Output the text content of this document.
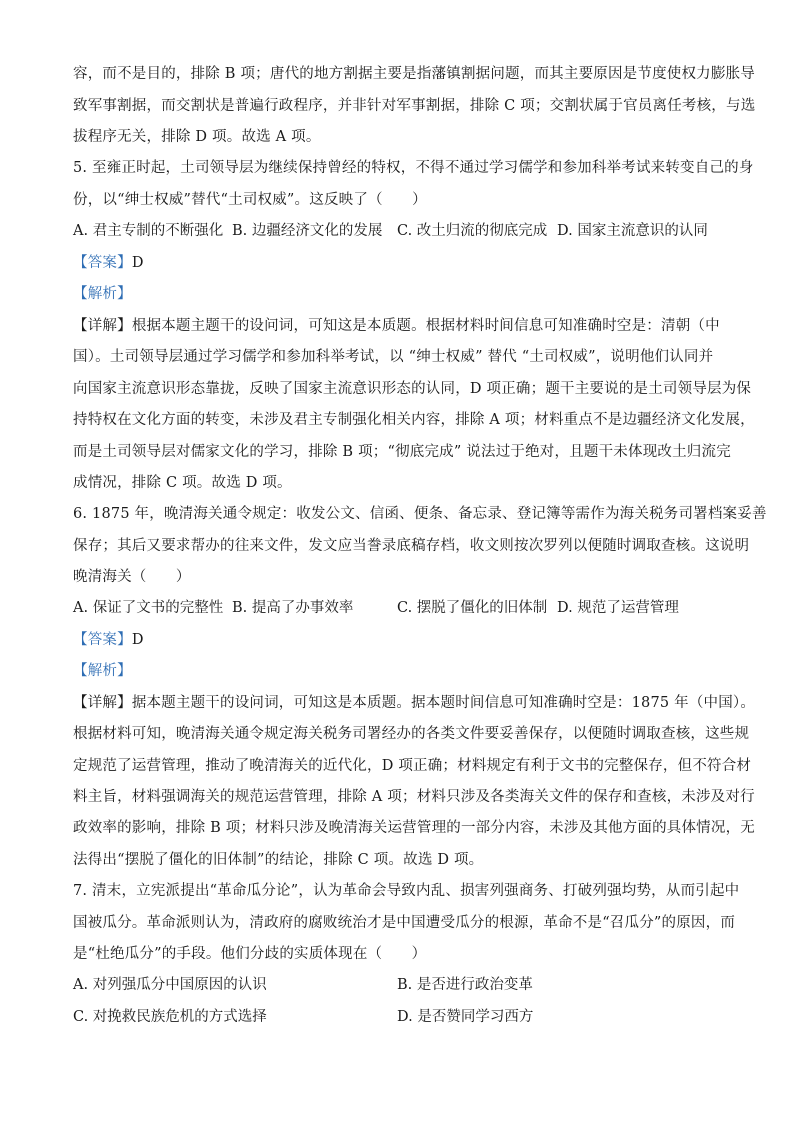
容，而不是目的，排除 B 项；唐代的地方割据主要是指藩镇割据问题，而其主要原因是节度使权力膨胀导
致军事割据，而交割状是普遍行政程序，并非针对军事割据，排除 C 项；交割状属于官员离任考核，与选
拔程序无关，排除 D 项。故选 A 项。
5. 至雍正时起，土司领导层为继续保持曾经的特权，不得不通过学习儒学和参加科举考试来转变自己的身
份，以“绅士权威”替代“土司权威”。这反映了（　　）
A. 君主专制的不断强化 B. 边疆经济文化的发展 C. 改土归流的彻底完成 D. 国家主流意识的认同
【答案】D
【解析】
【详解】根据本题主题干的设问词，可知这是本质题。根据材料时间信息可知准确时空是：清朝（中
国）。土司领导层通过学习儒学和参加科举考试，以 “绅士权威” 替代 “土司权威”，说明他们认同并
向国家主流意识形态靠拢，反映了国家主流意识形态的认同，D 项正确；题干主要说的是土司领导层为保
持特权在文化方面的转变，未涉及君主专制强化相关内容，排除 A 项；材料重点不是边疆经济文化发展，
而是土司领导层对儒家文化的学习，排除 B 项；“彻底完成” 说法过于绝对，且题干未体现改土归流完
成情况，排除 C 项。故选 D 项。
6. 1875 年，晚清海关通令规定：收发公文、信函、便条、备忘录、登记簿等需作为海关税务司署档案妥善
保存；其后又要求帮办的往来文件，发文应当誊录底稿存档，收文则按次罗列以便随时调取查核。这说明
晚清海关（　　）
A. 保证了文书的完整性 B. 提高了办事效率	C. 摆脱了僵化的旧体制 D. 规范了运营管理
【答案】D
【解析】
【详解】据本题主题干的设问词，可知这是本质题。据本题时间信息可知准确时空是：1875 年（中国）。
根据材料可知，晚清海关通令规定海关税务司署经办的各类文件要妥善保存，以便随时调取查核，这些规
定规范了运营管理，推动了晚清海关的近代化，D 项正确；材料规定有利于文书的完整保存，但不符合材
料主旨，材料强调海关的规范运营管理，排除 A 项；材料只涉及各类海关文件的保存和查核，未涉及对行
政效率的影响，排除 B 项；材料只涉及晚清海关运营管理的一部分内容，未涉及其他方面的具体情况，无
法得出“摆脱了僵化的旧体制”的结论，排除 C 项。故选 D 项。
7. 清末，立宪派提出“革命瓜分论”，认为革命会导致内乱、损害列强商务、打破列强均势，从而引起中
国被瓜分。革命派则认为，清政府的腐败统治才是中国遭受瓜分的根源，革命不是“召瓜分”的原因，而
是“杜绝瓜分”的手段。他们分歧的实质体现在（　　）
A. 对列强瓜分中国原因的认识	B. 是否进行政治变革
C. 对挽救民族危机的方式选择	D. 是否赞同学习西方
